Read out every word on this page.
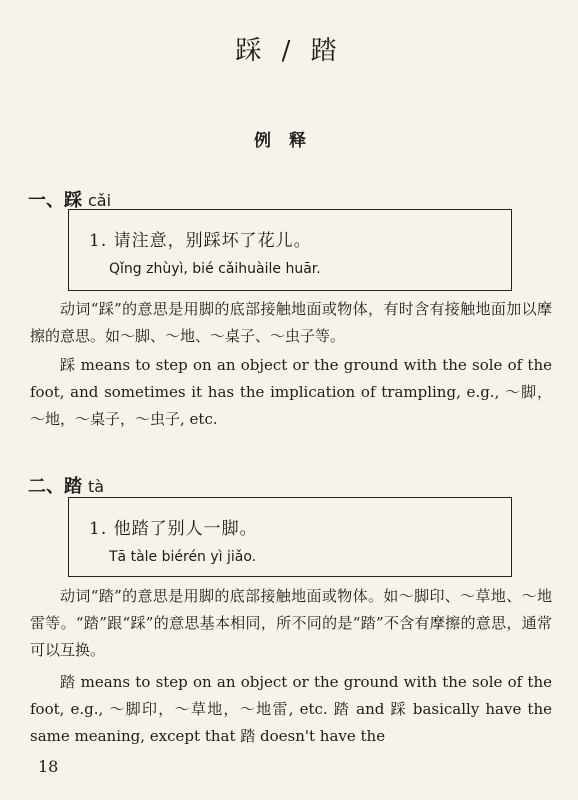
踩 / 踏
例释
一、踩 cǎi
1. 请注意，别踩坏了花儿。
Qǐng zhùyì, bié cǎihuàile huār.
动词“踩”的意思是用脚的底部接触地面或物体，有时含有接触地面加以摩擦的意思。如～脚、～地、～桌子、～虫子等。
踩 means to step on an object or the ground with the sole of the foot, and sometimes it has the implication of trampling, e.g., ～脚，～地，～桌子，～虫子, etc.
二、踏 tà
1. 他踏了别人一脚。
Tā tàle biérén yì jiǎo.
动词“踏”的意思是用脚的底部接触地面或物体。如～脚印、～草地、～地雷等。“踏”跟“踩”的意思基本相同，所不同的是“踏”不含有摩擦的意思，通常可以互换。
踏 means to step on an object or the ground with the sole of the foot, e.g., ～脚印，～草地，～地雷, etc. 踏 and 踩 basically have the same meaning, except that 踏 doesn't have the
18
